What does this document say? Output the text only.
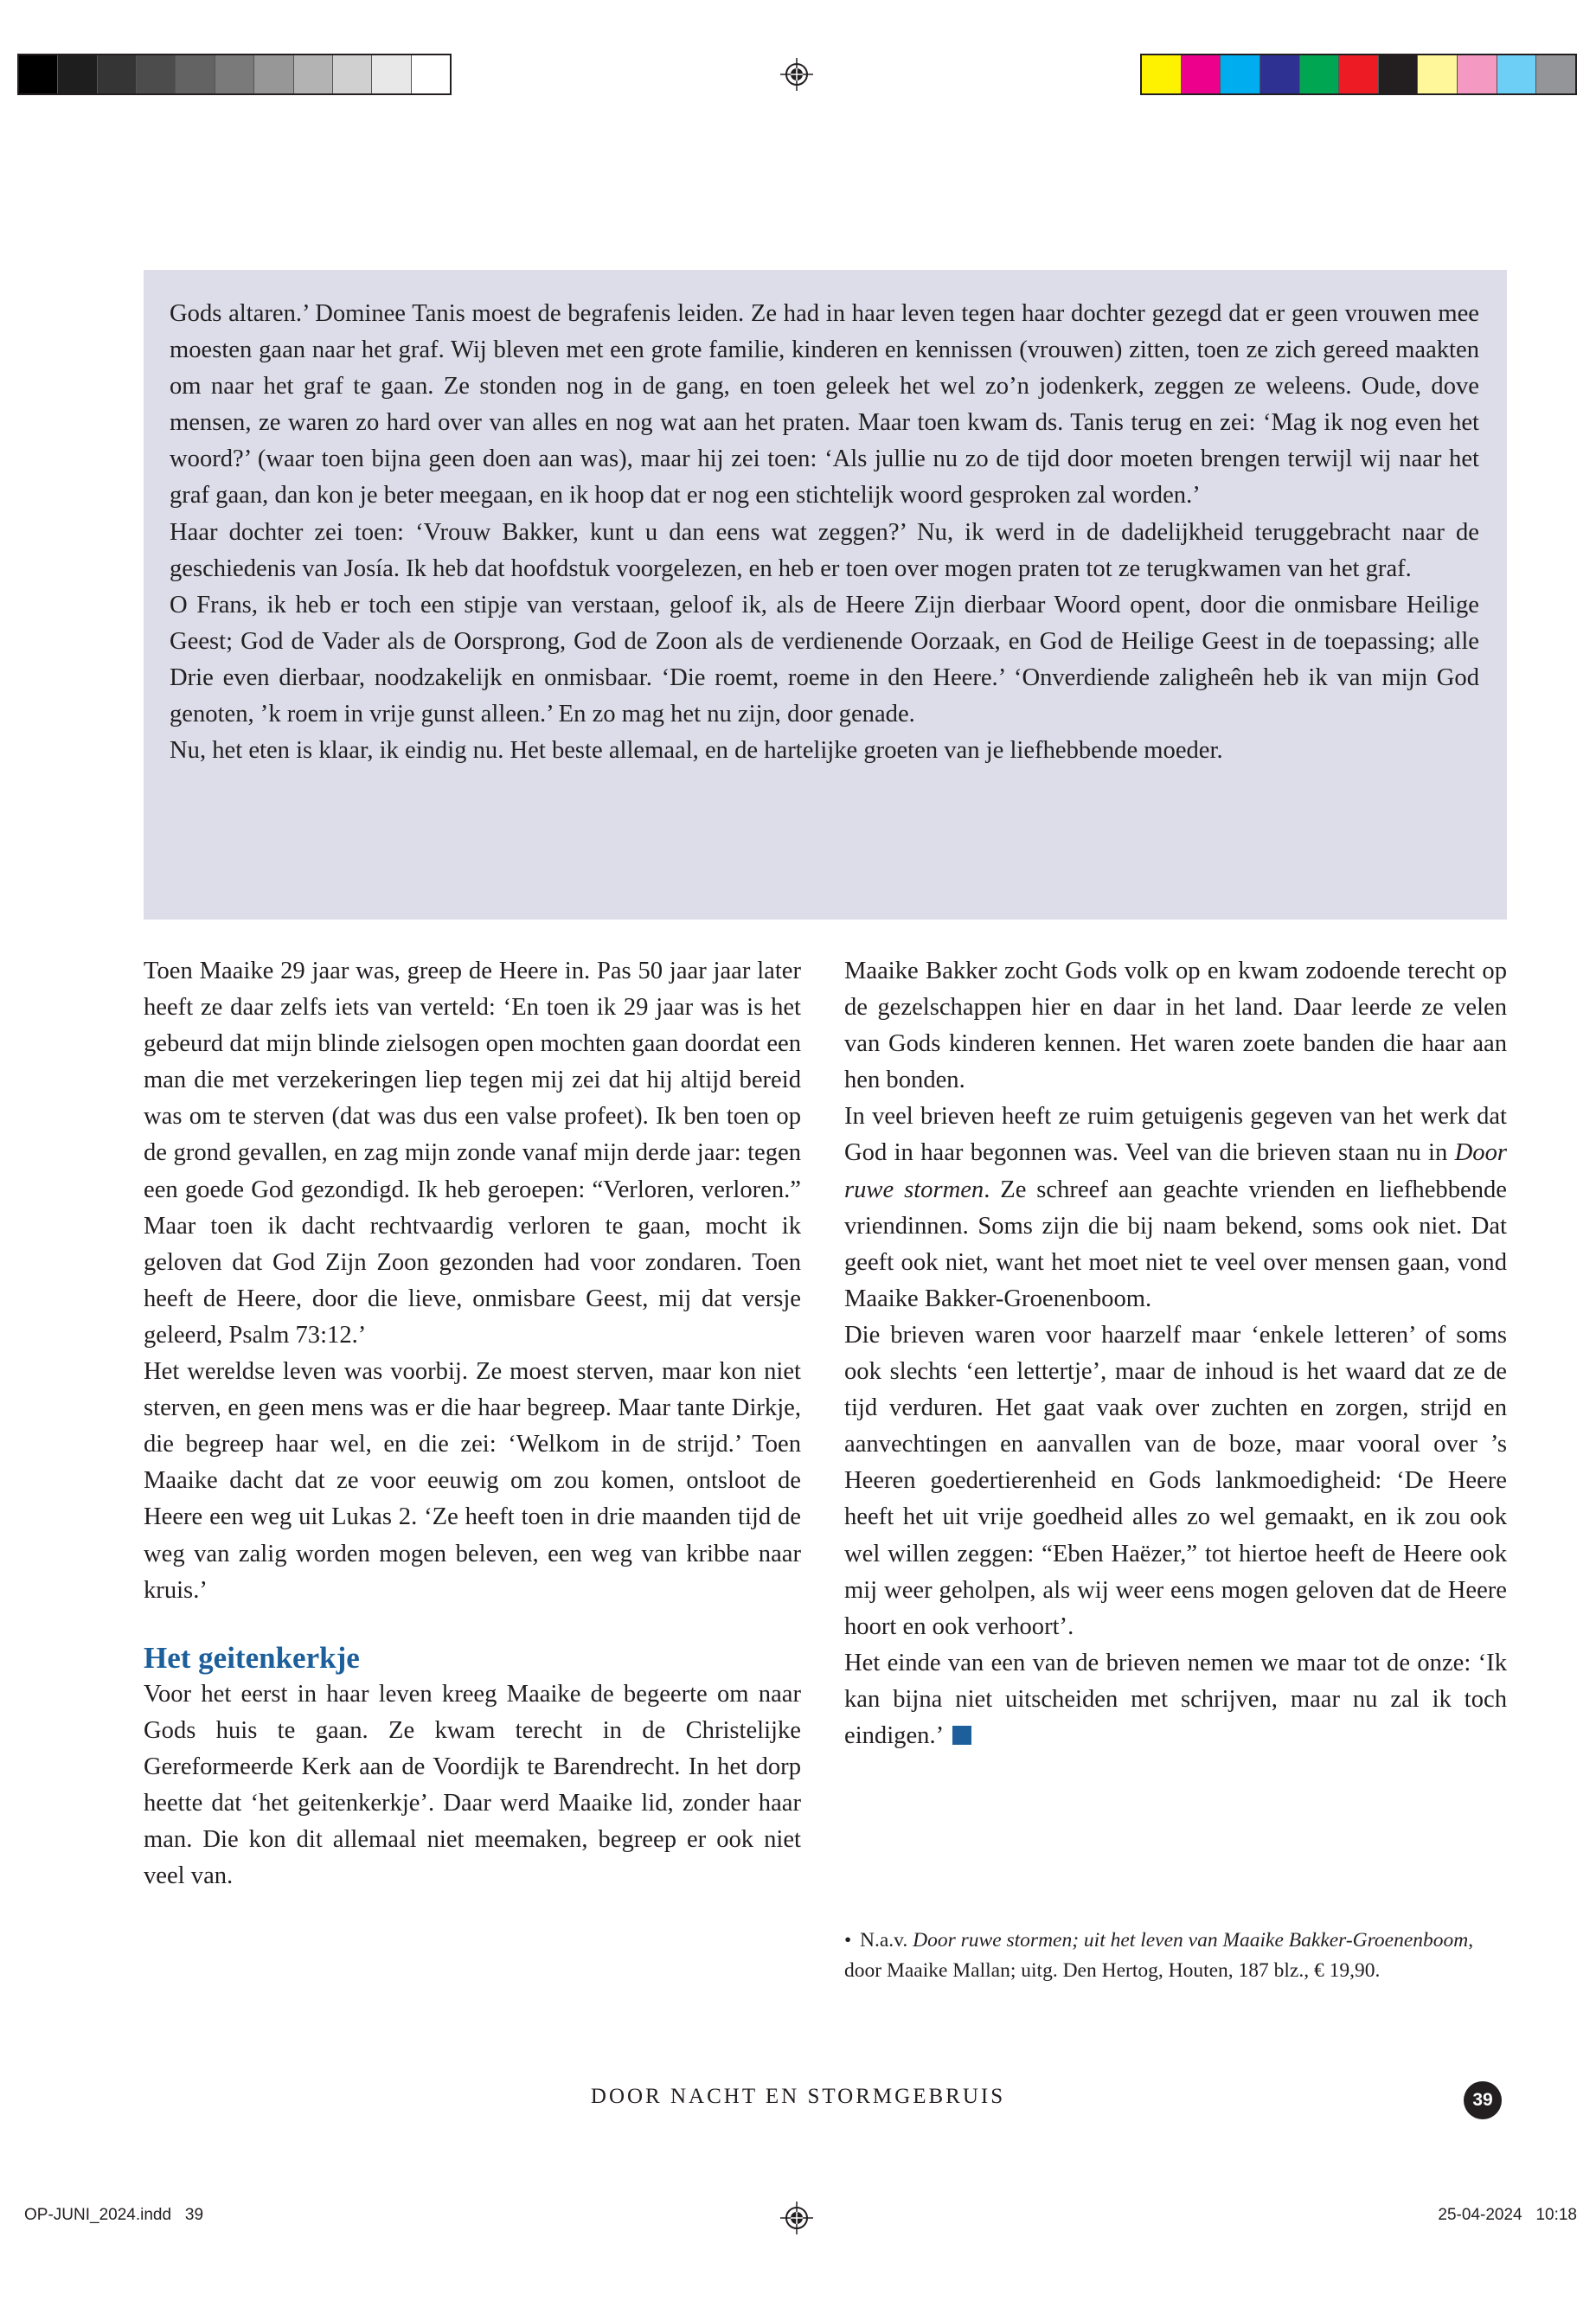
Gods altaren.’ Dominee Tanis moest de begrafenis leiden. Ze had in haar leven tegen haar dochter gezegd dat er geen vrouwen mee moesten gaan naar het graf. Wij bleven met een grote familie, kinderen en kennissen (vrouwen) zitten, toen ze zich gereed maakten om naar het graf te gaan. Ze stonden nog in de gang, en toen geleek het wel zo’n jodenkerk, zeggen ze weleens. Oude, dove mensen, ze waren zo hard over van alles en nog wat aan het praten. Maar toen kwam ds. Tanis terug en zei: ‘Mag ik nog even het woord?’ (waar toen bijna geen doen aan was), maar hij zei toen: ‘Als jullie nu zo de tijd door moeten brengen terwijl wij naar het graf gaan, dan kon je beter meegaan, en ik hoop dat er nog een stichtelijk woord gesproken zal worden.’

Haar dochter zei toen: ‘Vrouw Bakker, kunt u dan eens wat zeggen?’ Nu, ik werd in de dadelijkheid teruggebracht naar de geschiedenis van Josía. Ik heb dat hoofdstuk voorgelezen, en heb er toen over mogen praten tot ze terugkwamen van het graf.

O Frans, ik heb er toch een stipje van verstaan, geloof ik, als de Heere Zijn dierbaar Woord opent, door die onmisbare Heilige Geest; God de Vader als de Oorsprong, God de Zoon als de verdienende Oorzaak, en God de Heilige Geest in de toepassing; alle Drie even dierbaar, noodzakelijk en onmisbaar. ‘Die roemt, roeme in den Heere.’ ‘Onverdiende zaligheên heb ik van mijn God genoten, ’k roem in vrije gunst alleen.’ En zo mag het nu zijn, door genade.

Nu, het eten is klaar, ik eindig nu. Het beste allemaal, en de hartelijke groeten van je liefhebbende moeder.

Toen Maaike 29 jaar was, greep de Heere in. Pas 50 jaar jaar later heeft ze daar zelfs iets van verteld: ‘En toen ik 29 jaar was is het gebeurd dat mijn blinde zielsogen open mochten gaan doordat een man die met verzekeringen liep tegen mij zei dat hij altijd bereid was om te sterven (dat was dus een valse profeet). Ik ben toen op de grond gevallen, en zag mijn zonde vanaf mijn derde jaar: tegen een goede God gezondigd. Ik heb geroepen: “Verloren, verloren.” Maar toen ik dacht rechtvaardig verloren te gaan, mocht ik geloven dat God Zijn Zoon gezonden had voor zondaren. Toen heeft de Heere, door die lieve, onmisbare Geest, mij dat versje geleerd, Psalm 73:12.’

Het wereldse leven was voorbij. Ze moest sterven, maar kon niet sterven, en geen mens was er die haar begreep. Maar tante Dirkje, die begreep haar wel, en die zei: ‘Welkom in de strijd.’ Toen Maaike dacht dat ze voor eeuwig om zou komen, ontsloot de Heere een weg uit Lukas 2. ‘Ze heeft toen in drie maanden tijd de weg van zalig worden mogen beleven, een weg van kribbe naar kruis.’

Het geitenkerkje

Voor het eerst in haar leven kreeg Maaike de begeerte om naar Gods huis te gaan. Ze kwam terecht in de Christelijke Gereformeerde Kerk aan de Voordijk te Barendrecht. In het dorp heette dat ‘het geitenkerkje’. Daar werd Maaike lid, zonder haar man. Die kon dit allemaal niet meemaken, begreep er ook niet veel van.

Maaike Bakker zocht Gods volk op en kwam zodoende terecht op de gezelschappen hier en daar in het land. Daar leerde ze velen van Gods kinderen kennen. Het waren zoete banden die haar aan hen bonden.

In veel brieven heeft ze ruim getuigenis gegeven van het werk dat God in haar begonnen was. Veel van die brieven staan nu in Door ruwe stormen. Ze schreef aan geachte vrienden en liefhebbende vriendinnen. Soms zijn die bij naam bekend, soms ook niet. Dat geeft ook niet, want het moet niet te veel over mensen gaan, vond Maaike Bakker-Groenenboom.

Die brieven waren voor haarzelf maar ‘enkele letteren’ of soms ook slechts ‘een lettertje’, maar de inhoud is het waard dat ze de tijd verduren. Het gaat vaak over zuchten en zorgen, strijd en aanvechtingen en aanvallen van de boze, maar vooral over ’s Heeren goedertierenheid en Gods lankmoedigheid: ‘De Heere heeft het uit vrije goedheid alles zo wel gemaakt, en ik zou ook wel willen zeggen: “Eben Haëzer,” tot hiertoe heeft de Heere ook mij weer geholpen, als wij weer eens mogen geloven dat de Heere hoort en ook verhoort’.

Het einde van een van de brieven nemen we maar tot de onze: ‘Ik kan bijna niet uitscheiden met schrijven, maar nu zal ik toch eindigen.’

• N.a.v. Door ruwe stormen; uit het leven van Maaike Bakker-Groenenboom, door Maaike Mallan; uitg. Den Hertog, Houten, 187 blz., € 19,90.
DOOR NACHT EN STORMGEBRUIS	39
OP-JUNI_2024.indd   39	25-04-2024   10:18
